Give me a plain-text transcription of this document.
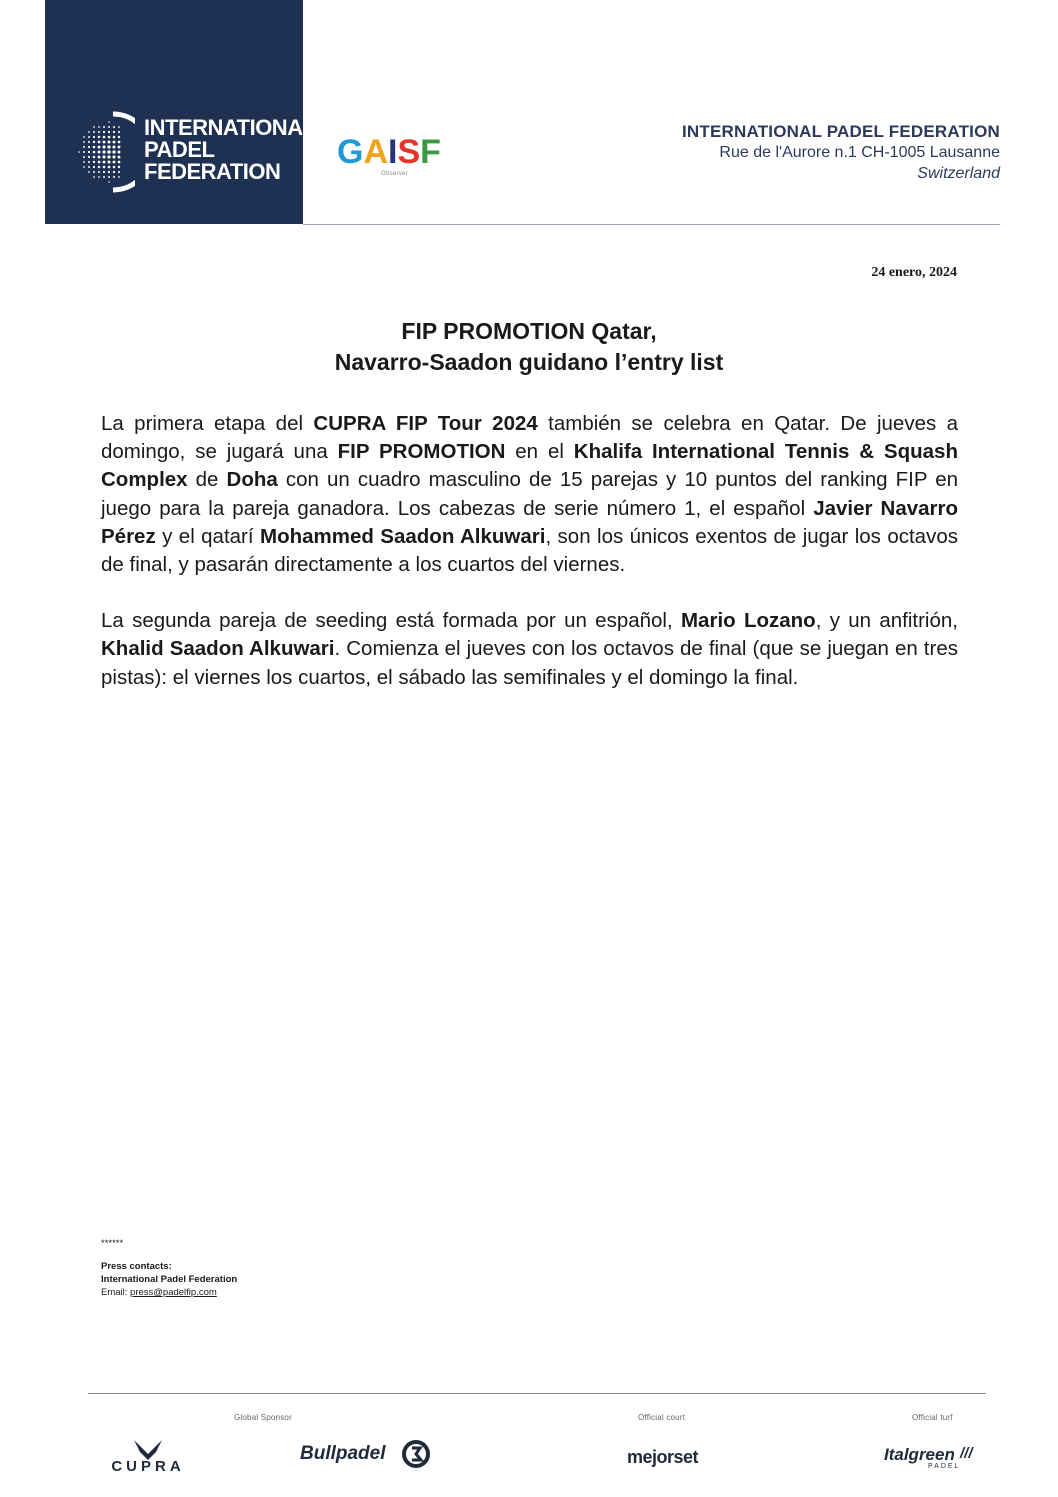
INTERNATIONAL
PADEL
FEDERATION
GAISF
Observer
INTERNATIONAL PADEL FEDERATION
Rue de l'Aurore n.1 CH-1005 Lausanne
Switzerland
24 enero, 2024
FIP PROMOTION Qatar,
Navarro-Saadon guidano l’entry list

La primera etapa del CUPRA FIP Tour 2024 también se celebra en Qatar. De jueves a domingo, se jugará una FIP PROMOTION en el Khalifa International Tennis & Squash Complex de Doha con un cuadro masculino de 15 parejas y 10 puntos del ranking FIP en juego para la pareja ganadora. Los cabezas de serie número 1, el español Javier Navarro Pérez y el qatarí Mohammed Saadon Alkuwari, son los únicos exentos de jugar los octavos de final, y pasarán directamente a los cuartos del viernes.

La segunda pareja de seeding está formada por un español, Mario Lozano, y un anfitrión, Khalid Saadon Alkuwari. Comienza el jueves con los octavos de final (que se juegan en tres pistas): el viernes los cuartos, el sábado las semifinales y el domingo la final.

******
Press contacts:
International Padel Federation
Email: press@padelfip.com
Global Sponsor	Official court	Official turf
CUPRA
Bullpadel	mejorset	Italgreen ///
PADEL
